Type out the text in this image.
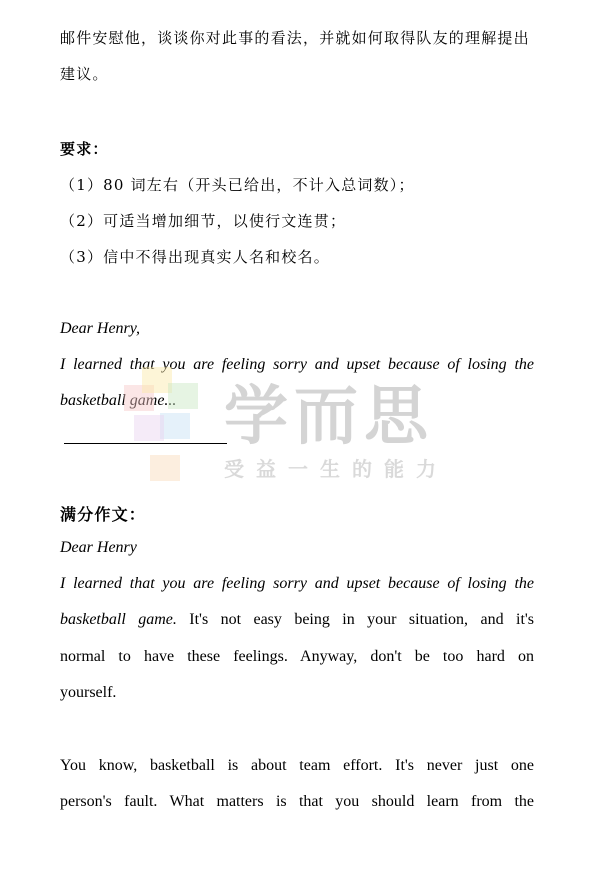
邮件安慰他，谈谈你对此事的看法，并就如何取得队友的理解提出
建议。
要求：
（1）80 词左右（开头已给出，不计入总词数）；
（2）可适当增加细节，以使行文连贯；
（3）信中不得出现真实人名和校名。
Dear Henry,
I learned that you are feeling sorry and upset because of losing the
basketball game... 学而思
受益一生的能力
满分作文：
Dear Henry
I learned that you are feeling sorry and upset because of losing the
basketball game. It's not easy being in your situation, and it's
normal to have these feelings. Anyway, don't be too hard on
yourself.
You know, basketball is about team effort. It's never just one
person's fault. What matters is that you should learn from the
